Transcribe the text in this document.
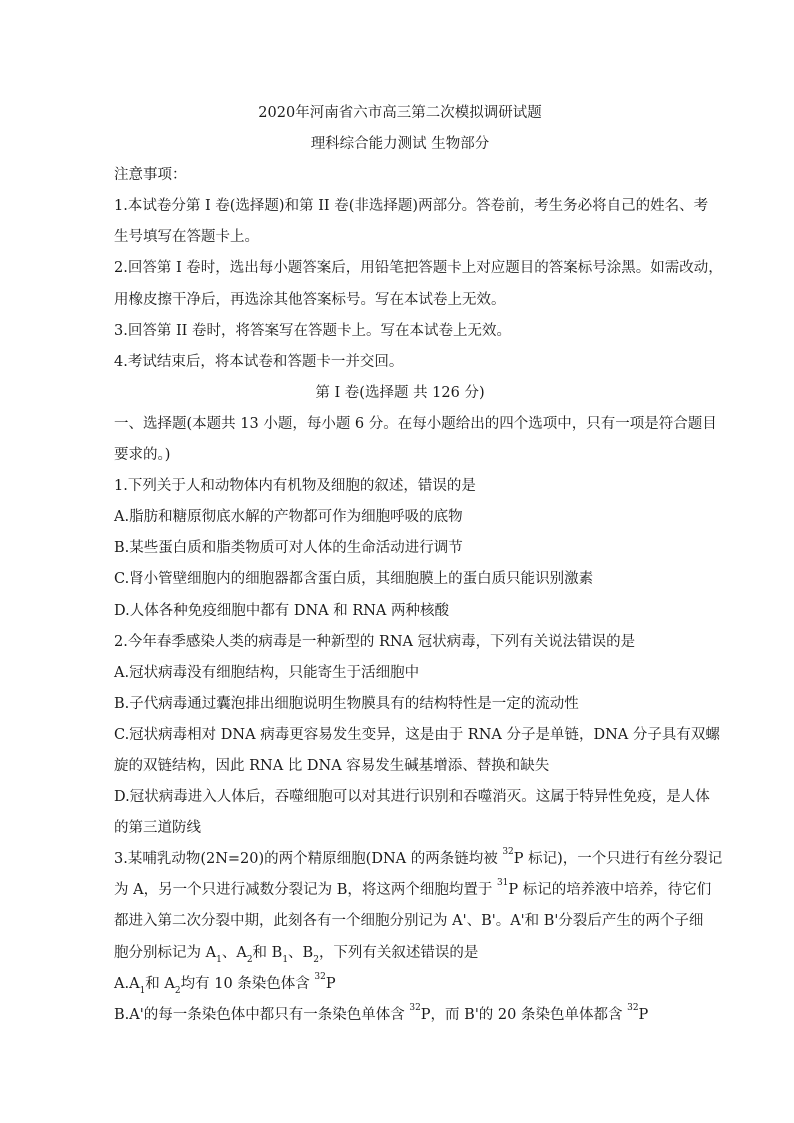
2020年河南省六市高三第二次模拟调研试题
理科综合能力测试 生物部分
注意事项：
1.本试卷分第 I 卷(选择题)和第 II 卷(非选择题)两部分。答卷前，考生务必将自己的姓名、考
生号填写在答题卡上。
2.回答第 I 卷时，选出每小题答案后，用铅笔把答题卡上对应题目的答案标号涂黑。如需改动，
用橡皮擦干净后，再选涂其他答案标号。写在本试卷上无效。
3.回答第 II 卷时，将答案写在答题卡上。写在本试卷上无效。
4.考试结束后，将本试卷和答题卡一并交回。
第 I 卷(选择题 共 126 分)
一、选择题(本题共 13 小题，每小题 6 分。在每小题给出的四个选项中，只有一项是符合题目
要求的。)
1.下列关于人和动物体内有机物及细胞的叙述，错误的是
A.脂肪和糖原彻底水解的产物都可作为细胞呼吸的底物
B.某些蛋白质和脂类物质可对人体的生命活动进行调节
C.肾小管壁细胞内的细胞器都含蛋白质，其细胞膜上的蛋白质只能识别激素
D.人体各种免疫细胞中都有 DNA 和 RNA 两种核酸
2.今年春季感染人类的病毒是一种新型的 RNA 冠状病毒，下列有关说法错误的是
A.冠状病毒没有细胞结构，只能寄生于活细胞中
B.子代病毒通过囊泡排出细胞说明生物膜具有的结构特性是一定的流动性
C.冠状病毒相对 DNA 病毒更容易发生变异，这是由于 RNA 分子是单链，DNA 分子具有双螺
旋的双链结构，因此 RNA 比 DNA 容易发生碱基增添、替换和缺失
D.冠状病毒进入人体后，吞噬细胞可以对其进行识别和吞噬消灭。这属于特异性免疫，是人体
的第三道防线
3.某哺乳动物(2N=20)的两个精原细胞(DNA 的两条链均被 $^{32}$P 标记)，一个只进行有丝分裂记
为 A，另一个只进行减数分裂记为 B，将这两个细胞均置于 $^{31}$P 标记的培养液中培养，待它们
都进入第二次分裂中期，此刻各有一个细胞分别记为 A'、B'。A'和 B'分裂后产生的两个子细
胞分别标记为 $A_1$、$A_2$和 $B_1$、$B_2$，下列有关叙述错误的是
$A.A_1$和 $A_2$均有 10 条染色体含 $^{32}$P
B.A'的每一条染色体中都只有一条染色单体含 $^{32}$P，而 B'的 20 条染色单体都含 $^{32}$P
